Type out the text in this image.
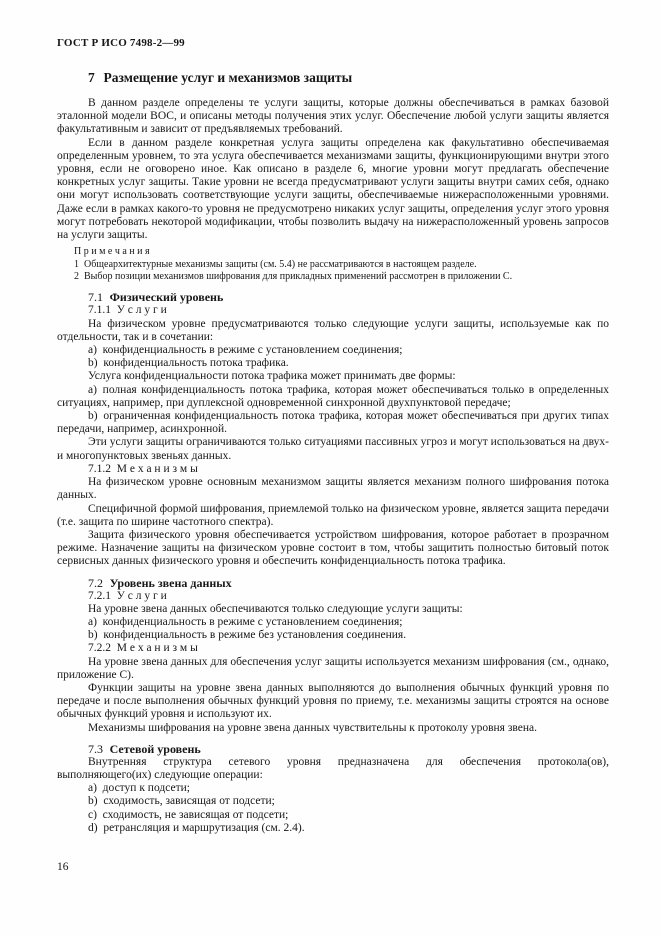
ГОСТ Р ИСО 7498-2—99

7 Размещение услуг и механизмов защиты

В данном разделе определены те услуги защиты, которые должны обеспечиваться в рамках базовой эталонной модели ВОС, и описаны методы получения этих услуг. Обеспечение любой услуги защиты является факультативным и зависит от предъявляемых требований.

Если в данном разделе конкретная услуга защиты определена как факультативно обеспечиваемая определенным уровнем, то эта услуга обеспечивается механизмами защиты, функционирующими внутри этого уровня, если не оговорено иное. Как описано в разделе 6, многие уровни могут предлагать обеспечение конкретных услуг защиты. Такие уровни не всегда предусматривают услуги защиты внутри самих себя, однако они могут использовать соответствующие услуги защиты, обеспечиваемые нижерасположенными уровнями. Даже если в рамках какого-то уровня не предусмотрено никаких услуг защиты, определения услуг этого уровня могут потребовать некоторой модификации, чтобы позволить выдачу на нижерасположенный уровень запросов на услуги защиты.

П р и м е ч а н и я

1 Общеархитектурные механизмы защиты (см. 5.4) не рассматриваются в настоящем разделе.

2 Выбор позиции механизмов шифрования для прикладных применений рассмотрен в приложении С.

7.1 Физический уровень
7.1.1 У с л у г и

На физическом уровне предусматриваются только следующие услуги защиты, используемые как по отдельности, так и в сочетании:

a) конфиденциальность в режиме с установлением соединения;

b) конфиденциальность потока трафика.

Услуга конфиденциальности потока трафика может принимать две формы:

a) полная конфиденциальность потока трафика, которая может обеспечиваться только в определенных ситуациях, например, при дуплексной одновременной синхронной двухпунктовой передаче;

b) ограниченная конфиденциальность потока трафика, которая может обеспечиваться при других типах передачи, например, асинхронной.

Эти услуги защиты ограничиваются только ситуациями пассивных угроз и могут использоваться на двух- и многопунктовых звеньях данных.

7.1.2 М е х а н и з м ы

На физическом уровне основным механизмом защиты является механизм полного шифрования потока данных.

Специфичной формой шифрования, приемлемой только на физическом уровне, является защита передачи (т.е. защита по ширине частотного спектра).

Защита физического уровня обеспечивается устройством шифрования, которое работает в прозрачном режиме. Назначение защиты на физическом уровне состоит в том, чтобы защитить полностью битовый поток сервисных данных физического уровня и обеспечить конфиденциальность потока трафика.

7.2 Уровень звена данных
7.2.1 У с л у г и

На уровне звена данных обеспечиваются только следующие услуги защиты:

a) конфиденциальность в режиме с установлением соединения;

b) конфиденциальность в режиме без установления соединения.

7.2.2 М е х а н и з м ы

На уровне звена данных для обеспечения услуг защиты используется механизм шифрования (см., однако, приложение С).

Функции защиты на уровне звена данных выполняются до выполнения обычных функций уровня по передаче и после выполнения обычных функций уровня по приему, т.е. механизмы защиты строятся на основе обычных функций уровня и используют их.

Механизмы шифрования на уровне звена данных чувствительны к протоколу уровня звена.

7.3 Сетевой уровень

Внутренняя структура сетевого уровня предназначена для обеспечения протокола(ов), выполняющего(их) следующие операции:

a) доступ к подсети;

b) сходимость, зависящая от подсети;

c) сходимость, не зависящая от подсети;

d) ретрансляция и маршрутизация (см. 2.4).

16
